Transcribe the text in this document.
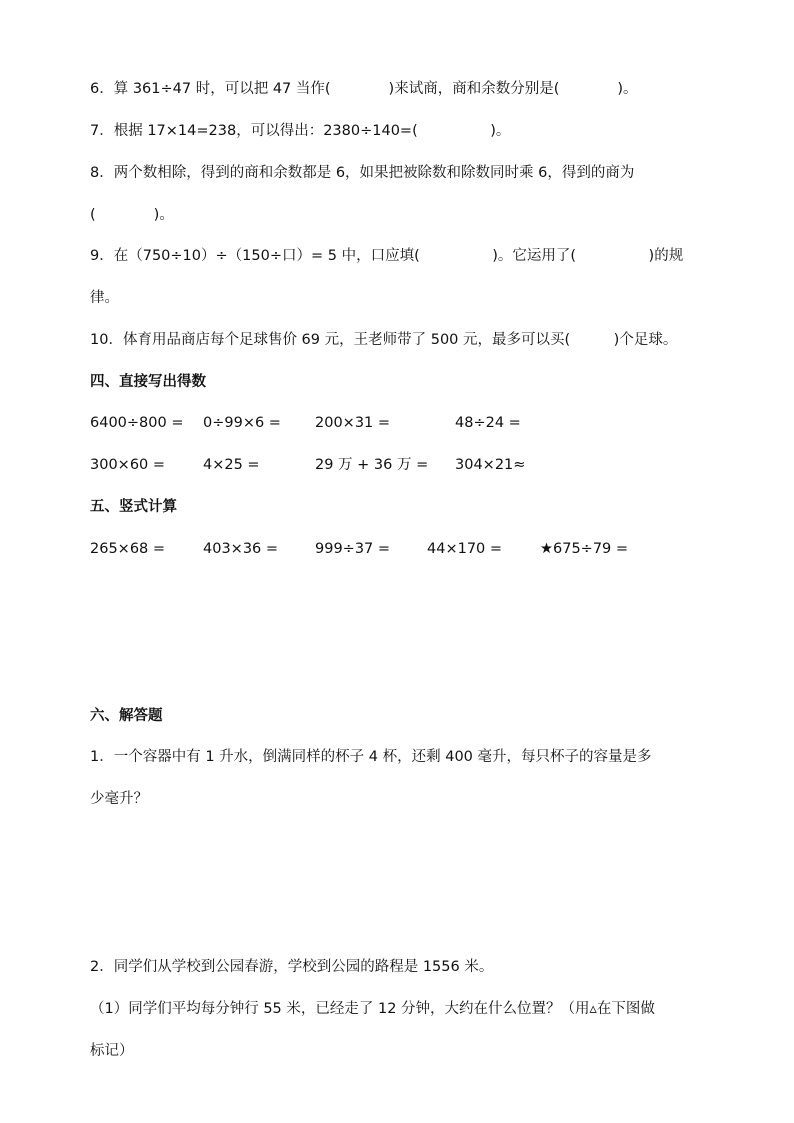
6．算 361÷47 时，可以把 47 当作(　　　　)来试商，商和余数分别是(　　　　)。
7．根据 17×14=238，可以得出：2380÷140=(　　　　　)。
8．两个数相除，得到的商和余数都是 6，如果把被除数和除数同时乘 6，得到的商为
(　　　　)。
9．在（750÷10）÷（150÷口）= 5 中，口应填(　　　　　)。它运用了(　　　　　)的规
律。
10．体育用品商店每个足球售价 69 元，王老师带了 500 元，最多可以买(　　　)个足球。
四、直接写出得数
6400÷800 = 0÷99×6 = 200×31 =	48÷24 =
300×60 =	4×25 =	29 万 + 36 万 = 304×21≈
五、竖式计算
265×68 =	403×36 =	999÷37 =	44×170 =	★675÷79 =
六、解答题
1．一个容器中有 1 升水，倒满同样的杯子 4 杯，还剩 400 毫升，每只杯子的容量是多
少毫升？
2．同学们从学校到公园春游，学校到公园的路程是 1556 米。
（1）同学们平均每分钟行 55 米，已经走了 12 分钟，大约在什么位置？（用▵在下图做
标记）
